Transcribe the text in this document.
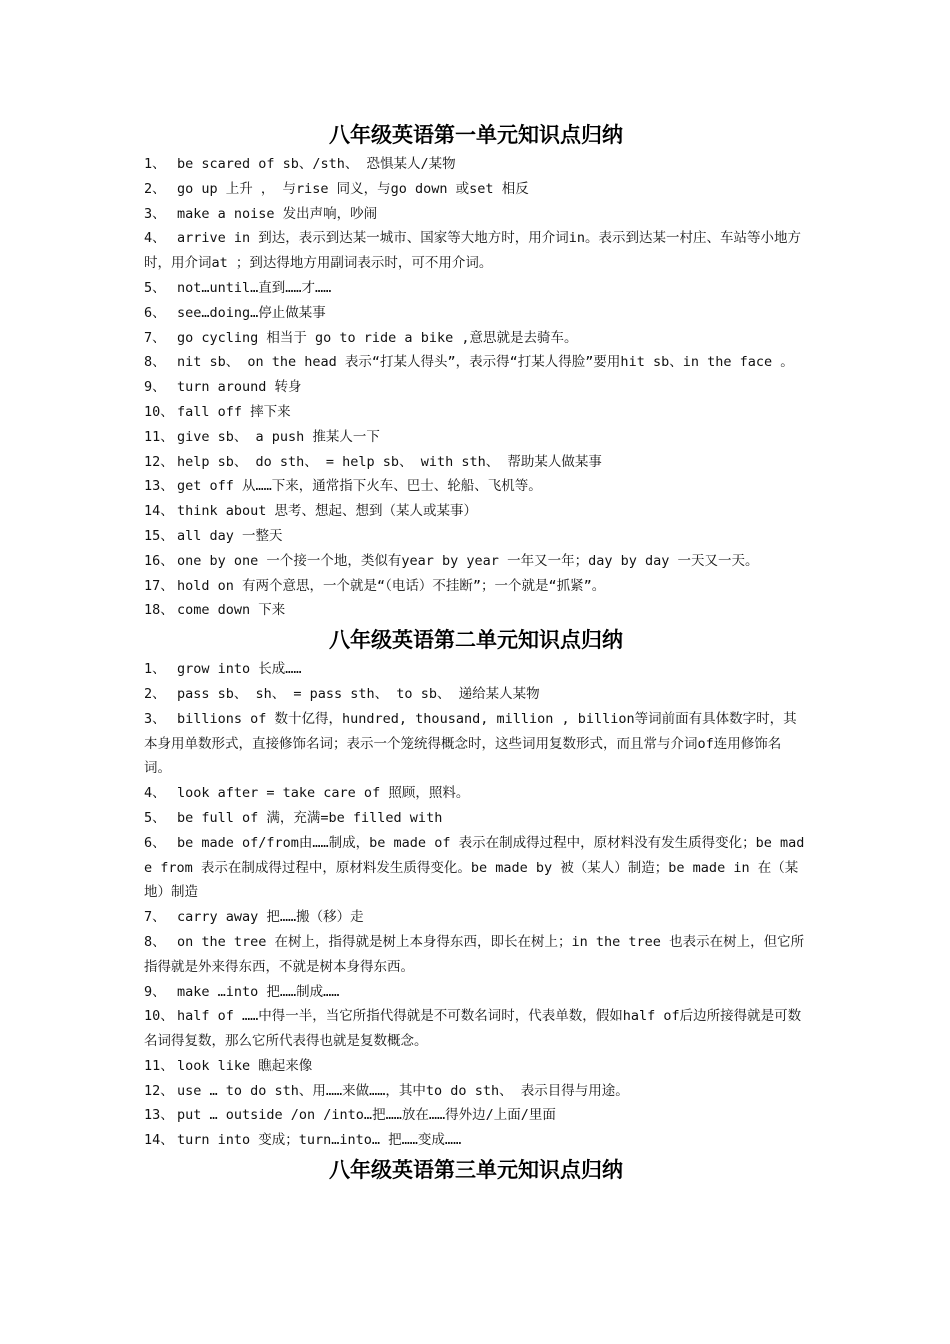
八年级英语第一单元知识点归纳

1、 be scared of sb、/sth、 恐惧某人/某物

2、 go up 上升 ， 与rise 同义，与go down 或set 相反

3、 make a noise 发出声响，吵闹

4、 arrive in 到达，表示到达某一城市、国家等大地方时，用介词in。表示到达某一村庄、车站等小地方时，用介词at ；到达得地方用副词表示时，可不用介词。

5、 not…until…直到……才……

6、 see…doing…停止做某事

7、 go cycling 相当于 go to ride a bike ,意思就是去骑车。

8、 nit sb、 on the head 表示“打某人得头”，表示得“打某人得脸”要用hit sb、in the face 。

9、 turn around 转身

10、 fall off 摔下来

11、 give sb、 a push 推某人一下

12、 help sb、 do sth、 = help sb、 with sth、 帮助某人做某事

13、 get off 从……下来，通常指下火车、巴士、轮船、飞机等。

14、 think about 思考、想起、想到（某人或某事）

15、 all day 一整天

16、 one by one 一个接一个地，类似有year by year 一年又一年；day by day 一天又一天。

17、 hold on 有两个意思，一个就是“（电话）不挂断”；一个就是“抓紧”。

18、 come down 下来

八年级英语第二单元知识点归纳

1、 grow into 长成……

2、 pass sb、 sh、 = pass sth、 to sb、 递给某人某物

3、 billions of 数十亿得，hundred, thousand, million , billion等词前面有具体数字时，其本身用单数形式，直接修饰名词；表示一个笼统得概念时，这些词用复数形式，而且常与介词of连用修饰名词。

4、 look after = take care of 照顾，照料。

5、 be full of 满，充满=be filled with

6、 be made of/from由……制成，be made of 表示在制成得过程中，原材料没有发生质得变化；be made from 表示在制成得过程中，原材料发生质得变化。be made by 被（某人）制造；be made in 在（某地）制造

7、 carry away 把……搬（移）走

8、 on the tree 在树上，指得就是树上本身得东西，即长在树上；in the tree 也表示在树上，但它所指得就是外来得东西，不就是树本身得东西。

9、 make …into 把……制成……

10、 half of ……中得一半，当它所指代得就是不可数名词时，代表单数，假如half of后边所接得就是可数名词得复数，那么它所代表得也就是复数概念。

11、 look like 瞧起来像

12、 use … to do sth、用……来做……，其中to do sth、 表示目得与用途。

13、 put … outside /on /into…把……放在……得外边/上面/里面

14、 turn into 变成；turn…into… 把……变成……

八年级英语第三单元知识点归纳
